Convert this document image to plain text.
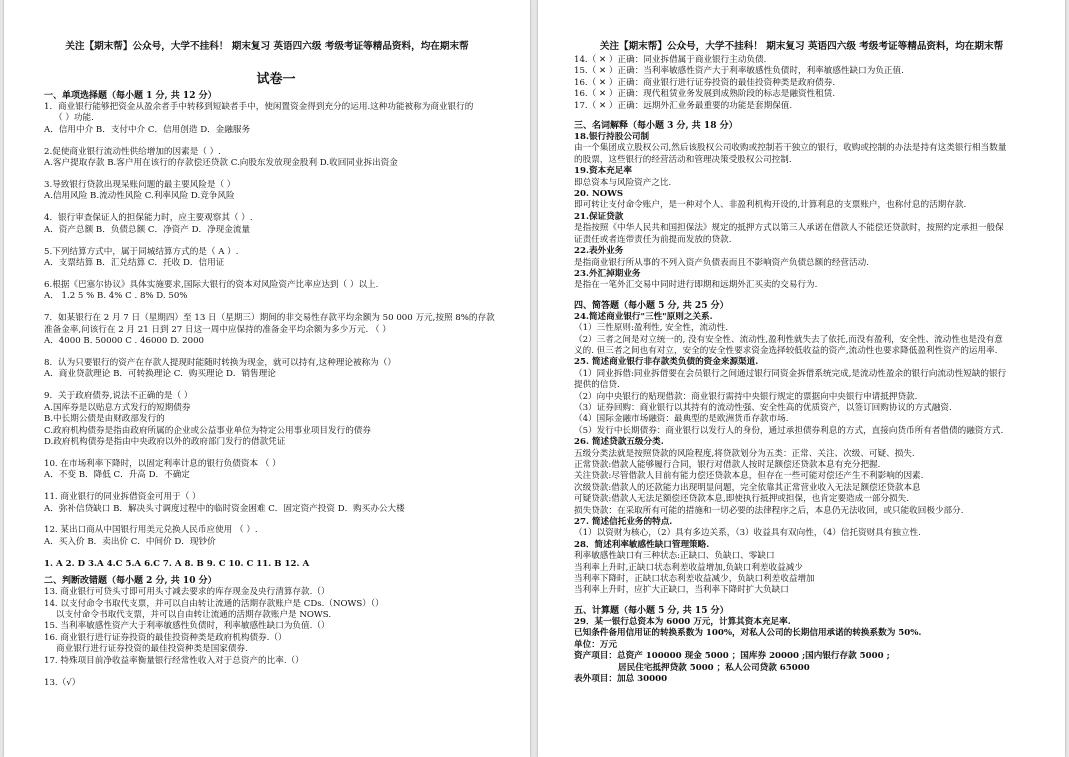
关注【期末帮】公众号，大学不挂科！ 期末复习 英语四六级 考级考证等精品资料，均在期末帮
试卷一
一、单项选择题（每小题 1 分, 共 12 分）
1．商业银行能够把资金从盈余者手中转移到短缺者手中，使闲置资金得到充分的运用.这种功能被称为商业银行的
（ ）功能.
A．信用中介 B．支付中介 C．信用创造 D．金融服务
2.促使商业银行流动性供给增加的因素是（ ）.
A.客户提取存款 B.客户用在该行的存款偿还贷款 C.向股东发放现金股利 D.收回同业拆出资金
3.导致银行贷款出现呆账问题的最主要风险是（ ）
A.信用风险 B.流动性风险 C.利率风险 D.竞争风险
4．银行审查保证人的担保能力时，应主要观察其（ ）.
A．资产总额 B．负债总额 C．净资产 D．净现金流量
5.下列结算方式中，属于同城结算方式的是（ A ）.
A．支票结算 B．汇兑结算 C．托收 D．信用证
6.根据《巴塞尔协议》具体实施要求,国际大银行的资本对风险资产比率应达到（ ）以上.
A． 1.2 5 % B. 4% C . 8% D. 50%
7．如某银行在 2 月 7 日（星期四）至 13 日（星期三）期间的非交易性存款平均余额为 50 000 万元,按照 8%的存款
准备金率,问该行在 2 月 21 日到 27 日这一周中应保持的准备金平均余额为多少万元. （ ）
A．4000 B. 50000 C . 46000 D. 2000
8．认为只要银行的资产在存款人提现时能随时转换为现金，就可以持有,这种理论被称为（）
A．商业贷款理论 B．可转换理论 C．购买理论 D．销售理论
9．关于政府债券,说法不正确的是（ ）
A.国库券是以贴息方式发行的短期债券
B.中长期公债是由财政部发行的
C.政府机构债券是指由政府所属的企业或公益事业单位为特定公用事业项目发行的债券
D.政府机构债券是指由中央政府以外的政府部门发行的借款凭证
10. 在市场利率下降时，以固定利率计息的银行负债资本 （ ）
A．不变 B．降低 C．升高 D．不确定
11. 商业银行的同业拆借资金可用于（ ）
A．弥补信贷缺口 B．解决头寸调度过程中的临时资金困难 C．固定资产投资 D．购买办公大楼
12. 某出口商从中国银行用美元兑换人民币应使用 （ ）.
A．买入价 B．卖出价 C．中间价 D．现钞价
1. A 2. D 3.A 4.C 5.A 6.C 7. A 8. B 9. C 10. C 11. B 12. A
二、判断改错题（每小题 2 分, 共 10 分）
13. 商业银行可贷头寸即可用头寸减去要求的库存现金及央行清算存款.（）
14. 以支付命令书取代支票，并可以自由转让流通的活期存款账户是 CDs.（NOWS）（）
以支付命令书取代支票，并可以自由转让流通的活期存款账户是 NOWS.
15. 当利率敏感性资产大于利率敏感性负债时，利率敏感性缺口为负值.（）
16. 商业银行进行证券投资的最佳投资种类是政府机构债券.（）
商业银行进行证券投资的最佳投资种类是国家债券.
17. 特殊项目前净收益率衡量银行经常性收入对于总资产的比率.（）
13.（√）
关注【期末帮】公众号，大学不挂科！ 期末复习 英语四六级 考级考证等精品资料，均在期末帮
14.（ ✕ ）正确：同业拆借属于商业银行主动负债.
15.（ ✕ ）正确：当利率敏感性资产大于利率敏感性负债时，利率敏感性缺口为负正值.
16.（ ✕ ）正确：商业银行进行证券投资的最佳投资种类是政府债券.
16.（ ✕ ）正确：现代租赁业务发展到成熟阶段的标志是融资性租赁.
17.（ ✕ ）正确：远期外汇业务最重要的功能是套期保值.
三、名词解释（每小题 3 分, 共 18 分）
18.银行持股公司制
由一个集团成立股权公司,然后该股权公司收购或控制若干独立的银行，收购或控制的办法是持有这类银行相当数量
的股票，这些银行的经营活动和管理决策受股权公司控制.
19.资本充足率
即总资本与风险资产之比.
20. NOWS
即可转让支付命令账户，是一种对个人、非盈利机构开设的,计算利息的支票账户，也称付息的活期存款.
21.保证贷款
是指按照《中华人民共和国担保法》规定的抵押方式以第三人承诺在借款人不能偿还贷款时，按照约定承担一般保
证责任或者连带责任为前提而发放的贷款.
22.表外业务
是指商业银行所从事的不列入资产负债表而且不影响资产负债总额的经营活动.
23.外汇掉期业务
是指在一笔外汇交易中同时进行即期和远期外汇买卖的交易行为.
四、简答题（每小题 5 分, 共 25 分）
24.简述商业银行"三性"原则之关系.
（1）三性原则:盈利性, 安全性，流动性.
（2）三者之间是对立统一的, 没有安全性、流动性,盈利性就失去了依托,而没有盈利，安全性、流动性也是没有意
义的. 但三者之间也有对立，安全的安全性要求资金选择较低收益的资产,流动性也要求降低盈利性资产的运用率.
25. 简述商业银行非存款类负债的资金来源渠道.
（1）同业拆借:同业拆借要在会员银行之间通过银行同资金拆借系统完成,是流动性盈余的银行向流动性短缺的银行
提供的信贷.
（2）向中央银行的贴现借款：商业银行需持中央银行规定的票据向中央银行申请抵押贷款.
（3）证券回购：商业银行以其持有的流动性强、安全性高的优质资产，以签订回购协议的方式融资.
（4）国际金融市场融资：最典型的是欧洲货币存款市场.
（5）发行中长期债券：商业银行以发行人的身份，通过承担债券利息的方式，直接向货币所有者借债的融资方式.
26. 简述贷款五级分类.
五级分类法就是按照贷款的风险程度,将贷款划分为五类：正常、关注、次级、可疑、损失.
正常贷款:借款人能够履行合同，银行对借款人按时足额偿还贷款本息有充分把握.
关注贷款:尽管借款人目前有能力偿还贷款本息，但存在一些可能对偿还产生不利影响的因素.
次级贷款:借款人的还款能力出现明显问题，完全依靠其正常营业收入无法足额偿还贷款本息
可疑贷款:借款人无法足额偿还贷款本息,即使执行抵押或担保，也肯定要造成一部分损失.
损失贷款：在采取所有可能的措施和一切必要的法律程序之后，本息仍无法收回，或只能收回极少部分.
27. 简述信托业务的特点.
（1）以资财为核心，（2）具有多边关系，（3）收益具有双向性，（4）信托资财具有独立性.
28．简述利率敏感性缺口管理策略.
利率敏感性缺口有三种状态:正缺口、负缺口、零缺口
当利率上升时,正缺口状态利差收益增加,负缺口利差收益减少
当利率下降时，正缺口状态利差收益减少，负缺口利差收益增加
当利率上升时，应扩大正缺口，当利率下降时扩大负缺口
五、计算题（每小题 5 分, 共 15 分）
29．某一银行总资本为 6000 万元，计算其资本充足率.
已知条件备用信用证的转换系数为 100%，对私人公司的长期信用承诺的转换系数为 50%.
单位：万元
资产项目：总资产 100000 现金 5000 ；国库券 20000 ;国内银行存款 5000 ;
居民住宅抵押贷款 5000 ；私人公司贷款 65000
表外项目：加总 30000
